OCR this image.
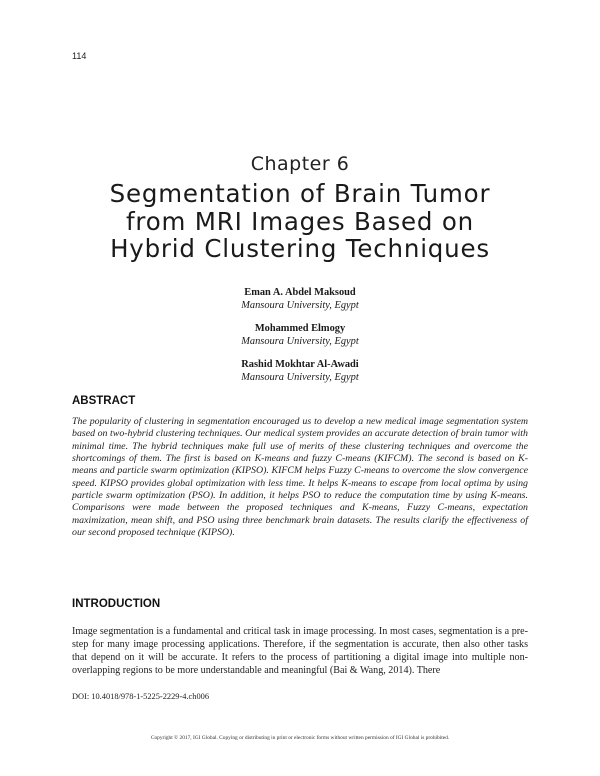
114
Chapter 6
Segmentation of Brain Tumor
from MRI Images Based on
Hybrid Clustering Techniques
Eman A. Abdel Maksoud
Mansoura University, Egypt
Mohammed Elmogy
Mansoura University, Egypt
Rashid Mokhtar Al-Awadi
Mansoura University, Egypt
ABSTRACT

The popularity of clustering in segmentation encouraged us to develop a new medical image segmentation system based on two-hybrid clustering techniques. Our medical system provides an accurate detection of brain tumor with minimal time. The hybrid techniques make full use of merits of these clustering techniques and overcome the shortcomings of them. The first is based on K-means and fuzzy C-means (KIFCM). The second is based on K-means and particle swarm optimization (KIPSO). KIFCM helps Fuzzy C-means to overcome the slow convergence speed. KIPSO provides global optimization with less time. It helps K-means to escape from local optima by using particle swarm optimization (PSO). In addition, it helps PSO to reduce the computation time by using K-means. Comparisons were made between the proposed techniques and K-means, Fuzzy C-means, expectation maximization, mean shift, and PSO using three benchmark brain datasets. The results clarify the effectiveness of our second proposed technique (KIPSO).

INTRODUCTION

Image segmentation is a fundamental and critical task in image processing. In most cases, segmentation is a pre-step for many image processing applications. Therefore, if the segmentation is accurate, then also other tasks that depend on it will be accurate. It refers to the process of partitioning a digital image into multiple non-overlapping regions to be more understandable and meaningful (Bai & Wang, 2014). There

DOI: 10.4018/978-1-5225-2229-4.ch006
Copyright © 2017, IGI Global. Copying or distributing in print or electronic forms without written permission of IGI Global is prohibited.
